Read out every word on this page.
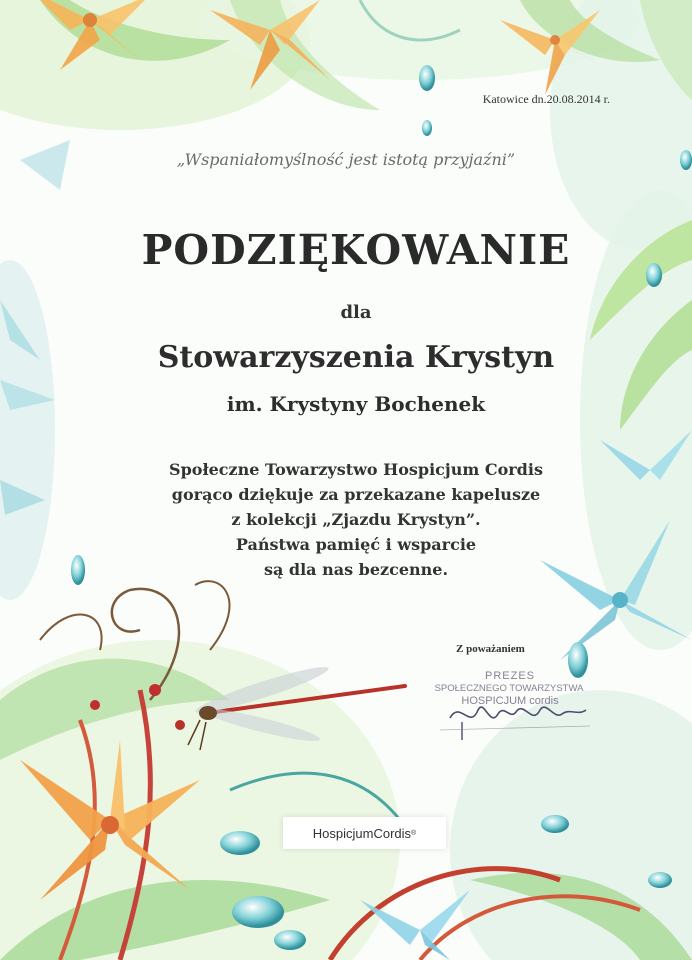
Katowice dn.20.08.2014 r.
„Wspaniałomyślność jest istotą przyjaźni”
PODZIĘKOWANIE
dla
Stowarzyszenia Krystyn
im. Krystyny Bochenek
Społeczne Towarzystwo Hospicjum Cordis
gorąco dziękuje za przekazane kapelusze
z kolekcji „Zjazdu Krystyn”.
Państwa pamięć i wsparcie
są dla nas bezcenne.
Z poważaniem
PREZES
SPOŁECZNEGO TOWARZYSTWA
HOSPICJUM cordis
HospicjumCordis ®
